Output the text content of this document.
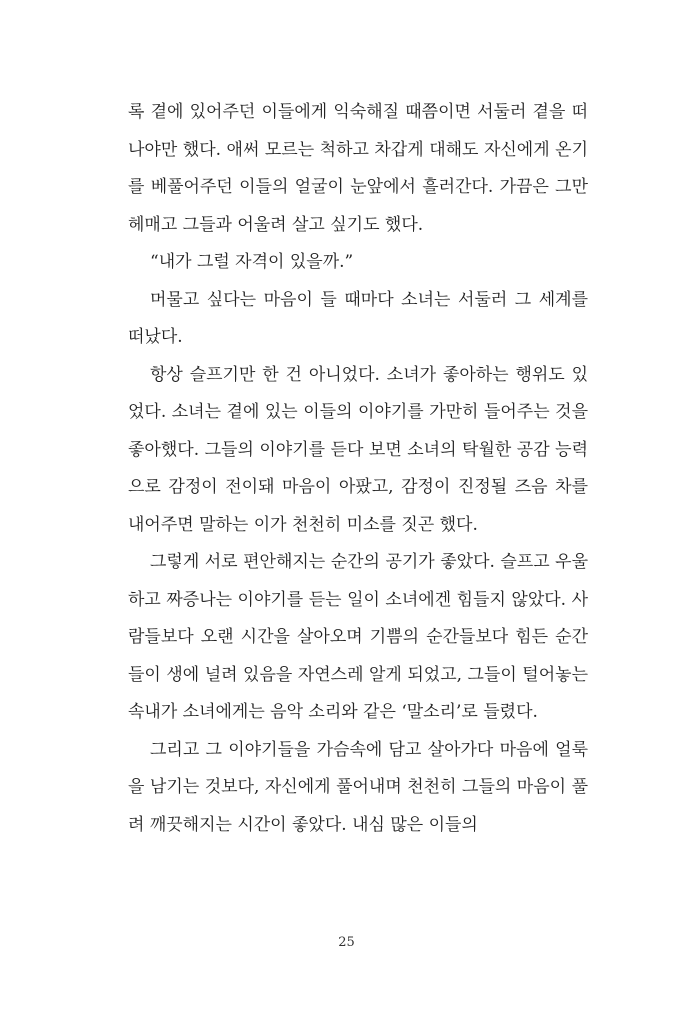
록 곁에 있어주던 이들에게 익숙해질 때쯤이면 서둘러 곁을 떠나야만 했다. 애써 모르는 척하고 차갑게 대해도 자신에게 온기를 베풀어주던 이들의 얼굴이 눈앞에서 흘러간다. 가끔은 그만 헤매고 그들과 어울려 살고 싶기도 했다.

“내가 그럴 자격이 있을까.”

머물고 싶다는 마음이 들 때마다 소녀는 서둘러 그 세계를 떠났다.

항상 슬프기만 한 건 아니었다. 소녀가 좋아하는 행위도 있었다. 소녀는 곁에 있는 이들의 이야기를 가만히 들어주는 것을 좋아했다. 그들의 이야기를 듣다 보면 소녀의 탁월한 공감 능력으로 감정이 전이돼 마음이 아팠고, 감정이 진정될 즈음 차를 내어주면 말하는 이가 천천히 미소를 짓곤 했다.

그렇게 서로 편안해지는 순간의 공기가 좋았다. 슬프고 우울하고 짜증나는 이야기를 듣는 일이 소녀에겐 힘들지 않았다. 사람들보다 오랜 시간을 살아오며 기쁨의 순간들보다 힘든 순간들이 생에 널려 있음을 자연스레 알게 되었고, 그들이 털어놓는 속내가 소녀에게는 음악 소리와 같은 ‘말소리’로 들렸다.

그리고 그 이야기들을 가슴속에 담고 살아가다 마음에 얼룩을 남기는 것보다, 자신에게 풀어내며 천천히 그들의 마음이 풀려 깨끗해지는 시간이 좋았다. 내심 많은 이들의

25
